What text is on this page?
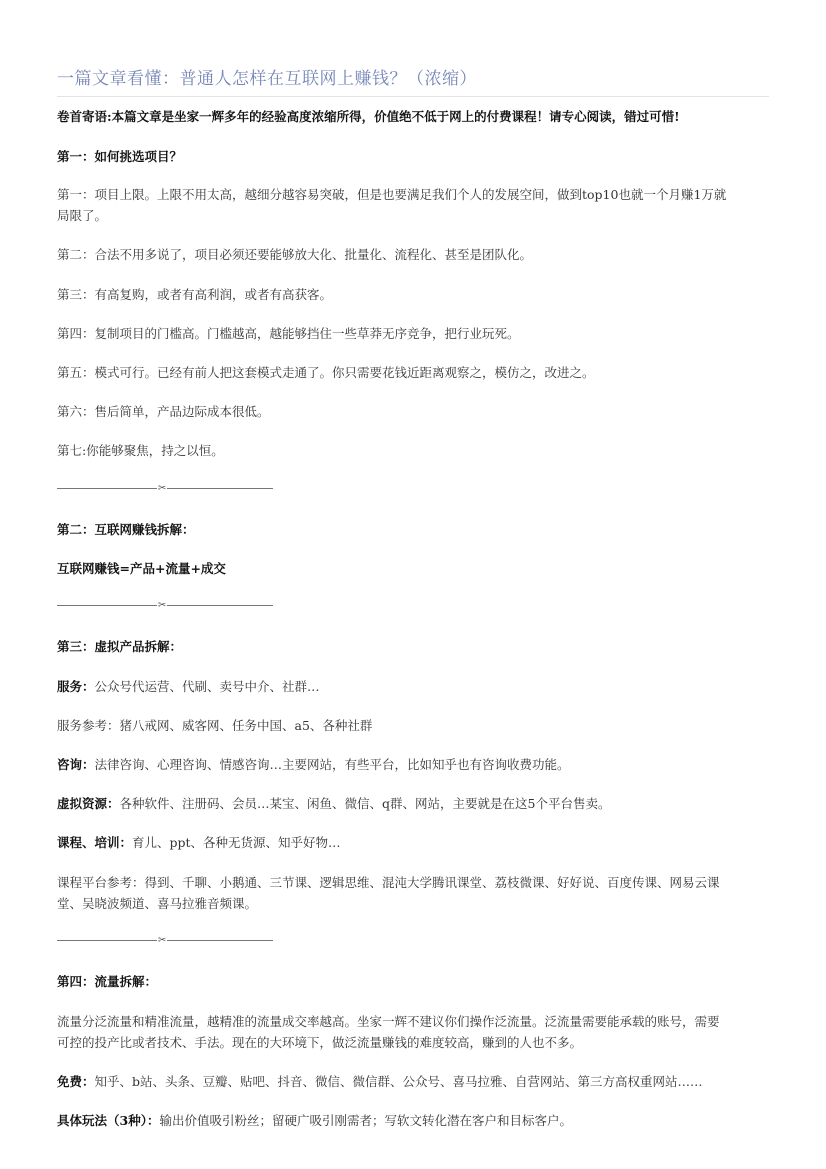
一篇文章看懂：普通人怎样在互联网上赚钱？（浓缩）
卷首寄语:本篇文章是坐家一辉多年的经验高度浓缩所得，价值绝不低于网上的付费课程！请专心阅读，错过可惜!
第一：如何挑选项目？
第一：项目上限。上限不用太高，越细分越容易突破，但是也要满足我们个人的发展空间，做到top10也就一个月赚1万就
局限了。
第二：合法不用多说了，项目必须还要能够放大化、批量化、流程化、甚至是团队化。
第三：有高复购，或者有高利润，或者有高获客。
第四：复制项目的门槛高。门槛越高，越能够挡住一些草莽无序竞争，把行业玩死。
第五：模式可行。已经有前人把这套模式走通了。你只需要花钱近距离观察之，模仿之，改进之。
第六：售后简单，产品边际成本很低。
第七:你能够聚焦，持之以恒。
✂
第二：互联网赚钱拆解：
互联网赚钱=产品+流量+成交
✂
第三：虚拟产品拆解：
服务：公众号代运营、代刷、卖号中介、社群…
服务参考：猪八戒网、威客网、任务中国、a5、各种社群
咨询：法律咨询、心理咨询、情感咨询…主要网站，有些平台，比如知乎也有咨询收费功能。
虚拟资源：各种软件、注册码、会员…某宝、闲鱼、微信、q群、网站，主要就是在这5个平台售卖。
课程、培训：育儿、ppt、各种无货源、知乎好物…
课程平台参考：得到、千聊、小鹅通、三节课、逻辑思维、混沌大学腾讯课堂、荔枝微课、好好说、百度传课、网易云课
堂、吴晓波频道、喜马拉雅音频课。
✂
第四：流量拆解：
流量分泛流量和精准流量，越精准的流量成交率越高。坐家一辉不建议你们操作泛流量。泛流量需要能承载的账号，需要
可控的投产比或者技术、手法。现在的大环境下，做泛流量赚钱的难度较高，赚到的人也不多。
免费：知乎、b站、头条、豆瓣、贴吧、抖音、微信、微信群、公众号、喜马拉雅、自营网站、第三方高权重网站……
具体玩法（3种）：输出价值吸引粉丝；留硬广吸引刚需者；写软文转化潜在客户和目标客户。
